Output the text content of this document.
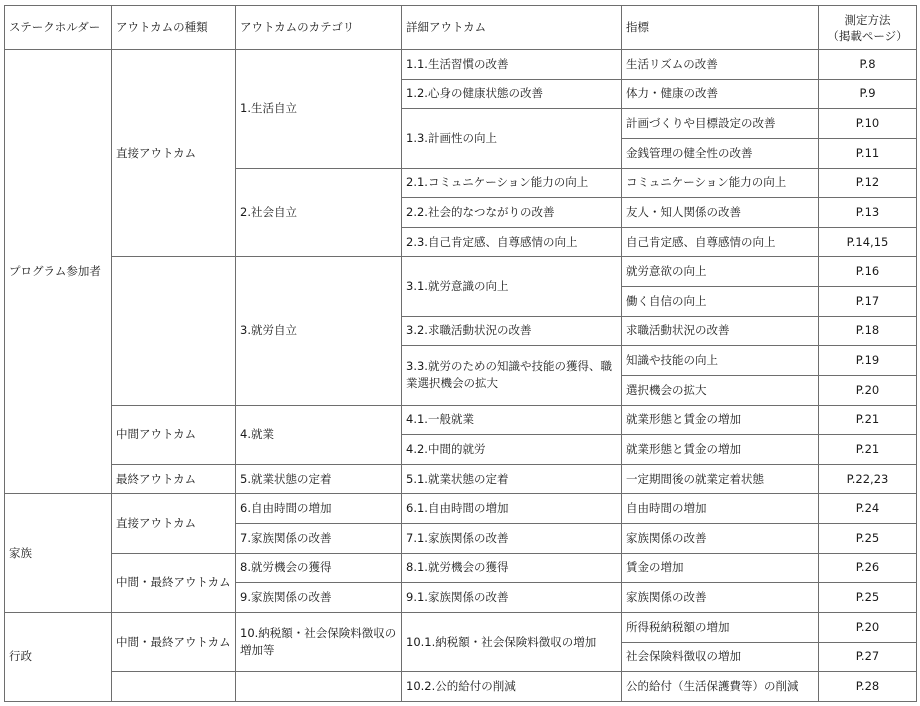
ステークホルダー	アウトカムの種類	アウトカムのカテゴリ	詳細アウトカム	指標	測定方法
（掲載ページ）
プログラム参加者	直接アウトカム	1.生活自立	1.1.生活習慣の改善	生活リズムの改善	P.8
			1.2.心身の健康状態の改善	体力・健康の改善	P.9
			1.3.計画性の向上	計画づくりや目標設定の改善	P.10
				金銭管理の健全性の改善	P.11
		2.社会自立	2.1.コミュニケーション能力の向上	コミュニケーション能力の向上	P.12
			2.2.社会的なつながりの改善	友人・知人関係の改善	P.13
			2.3.自己肯定感、自尊感情の向上	自己肯定感、自尊感情の向上	P.14,15
		3.就労自立	3.1.就労意識の向上	就労意欲の向上	P.16
				働く自信の向上	P.17
			3.2.求職活動状況の改善	求職活動状況の改善	P.18
			3.3.就労のための知識や技能の獲得、職業選択機会の拡大	知識や技能の向上	P.19
				選択機会の拡大	P.20
	中間アウトカム	4.就業	4.1.一般就業	就業形態と賃金の増加	P.21
			4.2.中間的就労	就業形態と賃金の増加	P.21
	最終アウトカム	5.就業状態の定着	5.1.就業状態の定着	一定期間後の就業定着状態	P.22,23
家族	直接アウトカム	6.自由時間の増加	6.1.自由時間の増加	自由時間の増加	P.24
		7.家族関係の改善	7.1.家族関係の改善	家族関係の改善	P.25
	中間・最終アウトカム	8.就労機会の獲得	8.1.就労機会の獲得	賃金の増加	P.26
		9.家族関係の改善	9.1.家族関係の改善	家族関係の改善	P.25
行政	中間・最終アウトカム	10.納税額・社会保険料徴収の増加等	10.1.納税額・社会保険料徴収の増加	所得税納税額の増加	P.20
				社会保険料徴収の増加	P.27
			10.2.公的給付の削減	公的給付（生活保護費等）の削減	P.28
